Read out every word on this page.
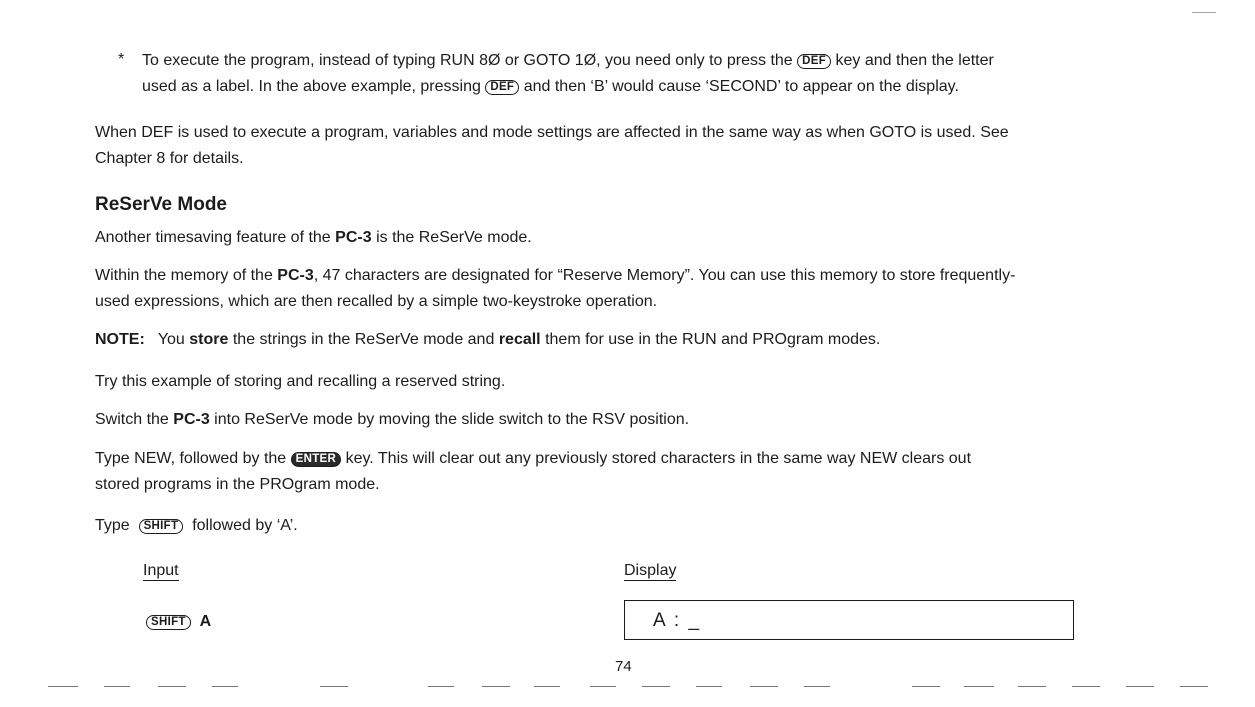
* To execute the program, instead of typing RUN 8Ø or GOTO 1Ø, you need only to press the DEF key and then the letter
used as a label. In the above example, pressing DEF and then ‘B’ would cause ‘SECOND’ to appear on the display.
When DEF is used to execute a program, variables and mode settings are affected in the same way as when GOTO is used. See
Chapter 8 for details.
ReSerVe Mode
Another timesaving feature of the PC-3 is the ReSerVe mode.
Within the memory of the PC-3, 47 characters are designated for “Reserve Memory”. You can use this memory to store frequently-
used expressions, which are then recalled by a simple two-keystroke operation.
NOTE: You store the strings in the ReSerVe mode and recall them for use in the RUN and PROgram modes.
Try this example of storing and recalling a reserved string.
Switch the PC-3 into ReSerVe mode by moving the slide switch to the RSV position.
Type NEW, followed by the ENTER key. This will clear out any previously stored characters in the same way NEW clears out
stored programs in the PROgram mode.
Type SHIFT followed by ‘A’.
Input	Display
SHIFT A	A : _
74
